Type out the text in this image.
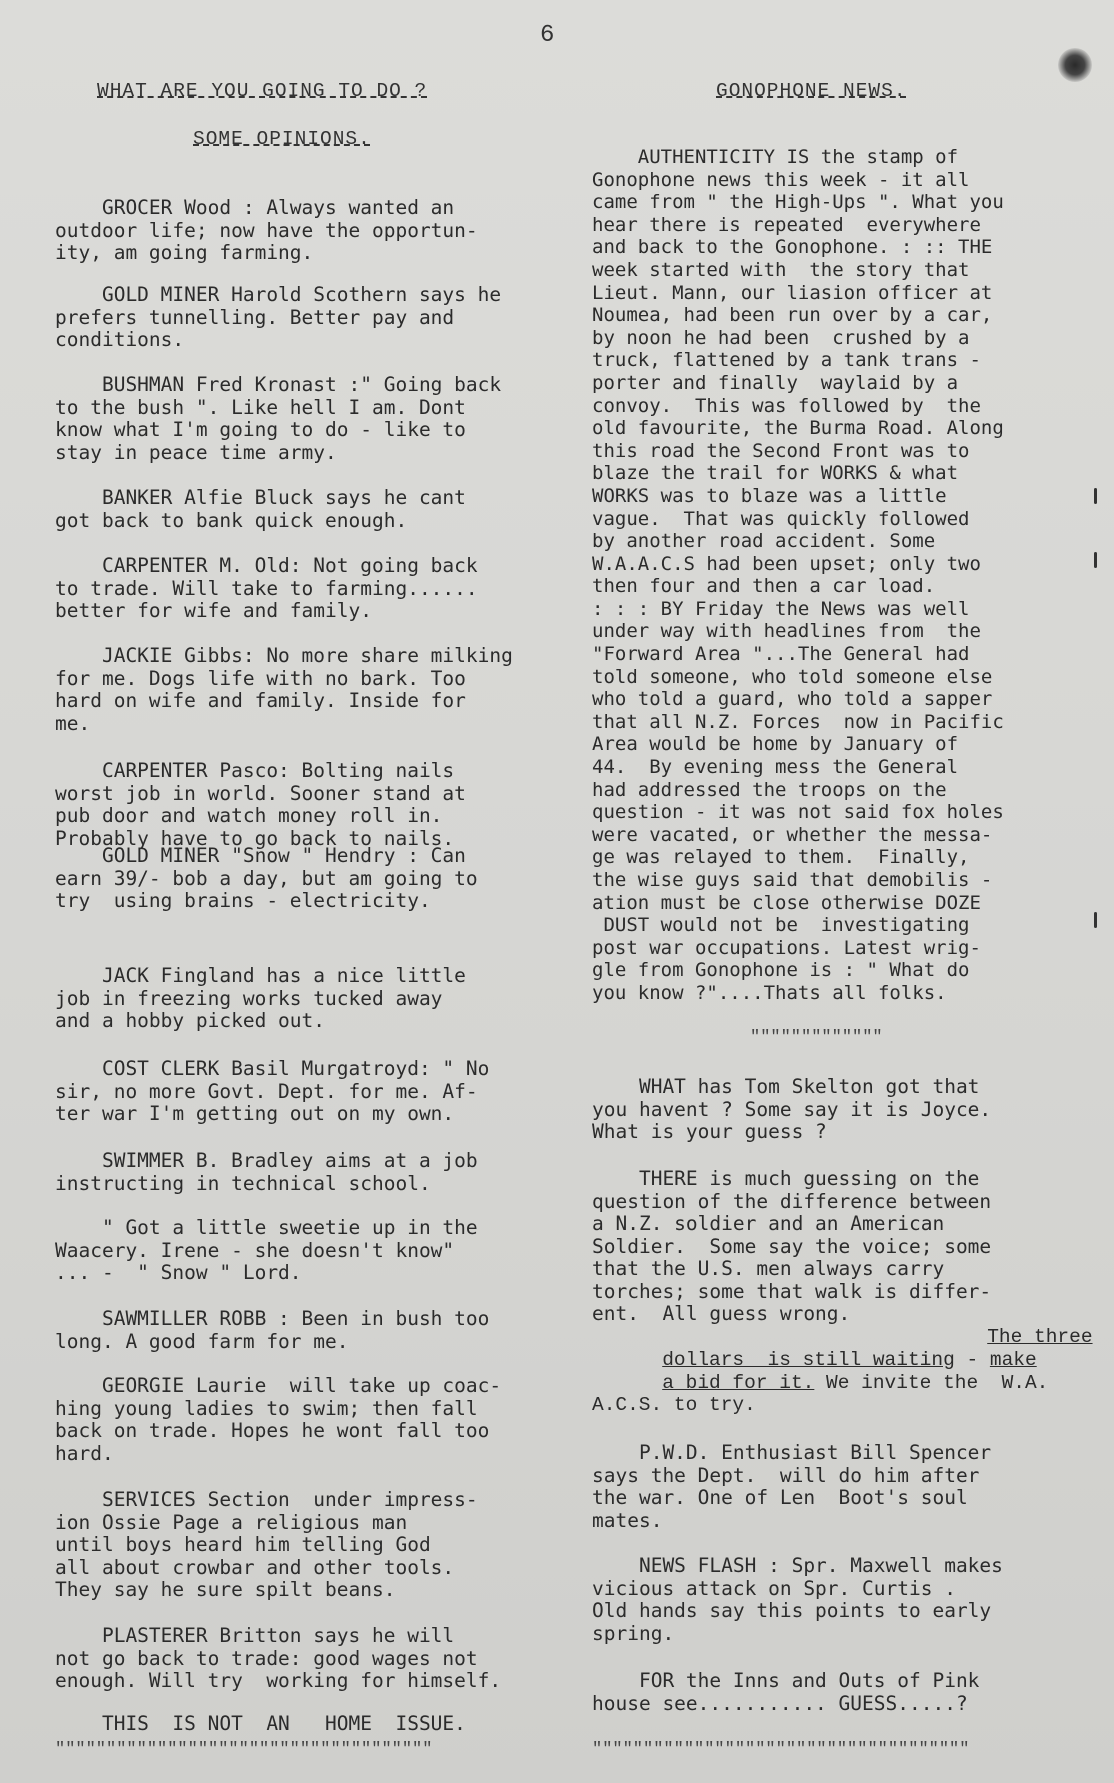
6
WHAT ARE YOU GOING TO DO ?
SOME OPINIONS.
GROCER Wood : Always wanted an
outdoor life; now have the opportun-
ity, am going farming.
GOLD MINER Harold Scothern says he
prefers tunnelling. Better pay and
conditions.
BUSHMAN Fred Kronast :" Going back
to the bush ". Like hell I am. Dont
know what I'm going to do - like to
stay in peace time army.
BANKER Alfie Bluck says he cant
got back to bank quick enough.
CARPENTER M. Old: Not going back
to trade. Will take to farming......
better for wife and family.
JACKIE Gibbs: No more share milking
for me. Dogs life with no bark. Too
hard on wife and family. Inside for
me.
CARPENTER Pasco: Bolting nails
worst job in world. Sooner stand at
pub door and watch money roll in.
Probably have to go back to nails.
GOLD MINER "Snow " Hendry : Can
earn 39/- bob a day, but am going to
try  using brains - electricity.
JACK Fingland has a nice little
job in freezing works tucked away
and a hobby picked out.
COST CLERK Basil Murgatroyd: " No
sir, no more Govt. Dept. for me. Af-
ter war I'm getting out on my own.
SWIMMER B. Bradley aims at a job
instructing in technical school.
" Got a little sweetie up in the
Waacery. Irene - she doesn't know"
... -  " Snow " Lord.
SAWMILLER ROBB : Been in bush too
long. A good farm for me.
GEORGIE Laurie  will take up coac-
hing young ladies to swim; then fall
back on trade. Hopes he wont fall too
hard.
SERVICES Section  under impress-
ion Ossie Page a religious man
until boys heard him telling God
all about crowbar and other tools.
They say he sure spilt beans.
PLASTERER Britton says he will
not go back to trade: good wages not
enough. Will try  working for himself.
THIS  IS NOT  AN   HOME  ISSUE.
"""""""""""""""""""""""""""""""""""""
GONOPHONE NEWS.
AUTHENTICITY IS the stamp of
Gonophone news this week - it all
came from " the High-Ups ". What you
hear there is repeated  everywhere
and back to the Gonophone. : :: THE
week started with  the story that
Lieut. Mann, our liasion officer at
Noumea, had been run over by a car,
by noon he had been  crushed by a
truck, flattened by a tank trans -
porter and finally  waylaid by a
convoy.  This was followed by  the
old favourite, the Burma Road. Along
this road the Second Front was to
blaze the trail for WORKS & what
WORKS was to blaze was a little
vague.  That was quickly followed
by another road accident. Some
W.A.A.C.S had been upset; only two
then four and then a car load.
: : : BY Friday the News was well
under way with headlines from  the
"Forward Area "...The General had
told someone, who told someone else
who told a guard, who told a sapper
that all N.Z. Forces  now in Pacific
Area would be home by January of
44.  By evening mess the General
had addressed the troops on the
question - it was not said fox holes
were vacated, or whether the messa-
ge was relayed to them.  Finally,
the wise guys said that demobilis -
ation must be close otherwise DOZE
DUST would not be  investigating
post war occupations. Latest wrig-
gle from Gonophone is : " What do
you know ?"....Thats all folks.
"""""""""""""
WHAT has Tom Skelton got that
you havent ? Some say it is Joyce.
What is your guess ?
THERE is much guessing on the
question of the difference between
a N.Z. soldier and an American
Soldier.  Some say the voice; some
that the U.S. men always carry
torches; some that walk is differ-
ent.  All guess wrong.

The three

dollars  is still waiting - make

a bid for it. We invite the  W.A.
A.C.S. to try.

P.W.D. Enthusiast Bill Spencer
says the Dept.  will do him after
the war. One of Len  Boot's soul
mates.
NEWS FLASH : Spr. Maxwell makes
vicious attack on Spr. Curtis .
Old hands say this points to early
spring.
FOR the Inns and Outs of Pink
house see........... GUESS.....?
"""""""""""""""""""""""""""""""""""""
